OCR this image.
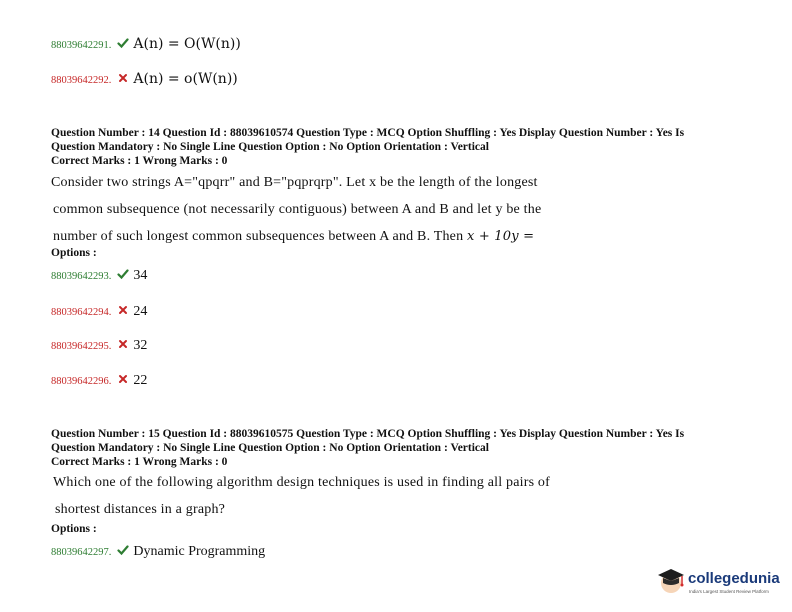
88039642291. A(n) = O(W(n))
88039642292. A(n) = o(W(n))
Question Number : 14 Question Id : 88039610574 Question Type : MCQ Option Shuffling : Yes Display Question Number : Yes Is
Question Mandatory : No Single Line Question Option : No Option Orientation : Vertical
Correct Marks : 1 Wrong Marks : 0
Consider two strings A="qpqrr" and B="pqprqrp". Let x be the length of the longest
common subsequence (not necessarily contiguous) between A and B and let y be the
number of such longest common subsequences between A and B. Then x + 10y =
Options :
88039642293. 34
88039642294. 24
88039642295. 32
88039642296. 22
Question Number : 15 Question Id : 88039610575 Question Type : MCQ Option Shuffling : Yes Display Question Number : Yes Is
Question Mandatory : No Single Line Question Option : No Option Orientation : Vertical
Correct Marks : 1 Wrong Marks : 0
Which one of the following algorithm design techniques is used in finding all pairs of
shortest distances in a graph?
Options :
88039642297. Dynamic Programming
collegedunia
India's Largest Student Review Platform
